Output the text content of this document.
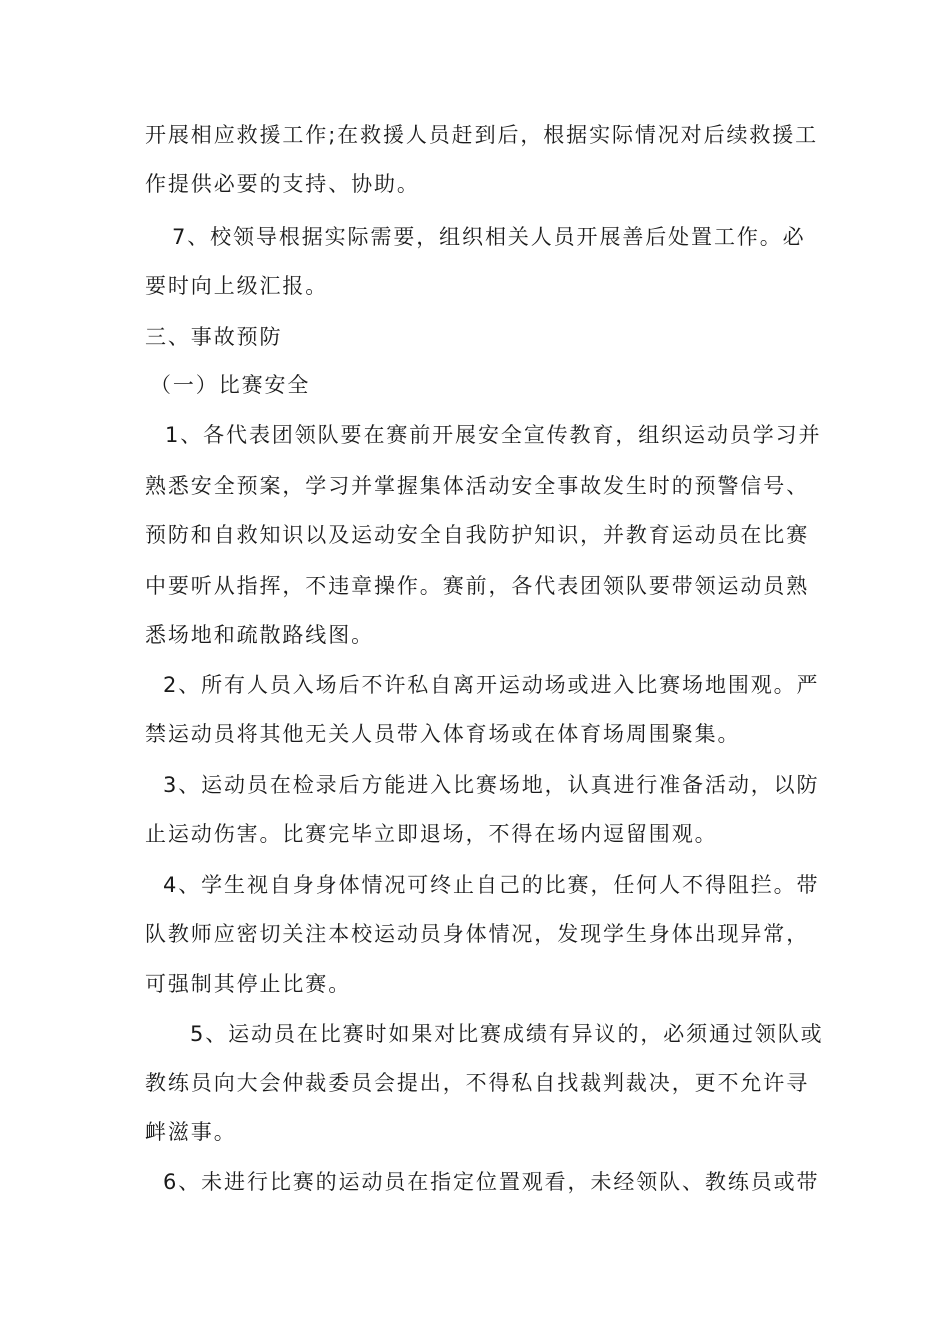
开展相应救援工作;在救援人员赶到后，根据实际情况对后续救援工
作提供必要的支持、协助。
7、校领导根据实际需要，组织相关人员开展善后处置工作。必
要时向上级汇报。
三、事故预防
（一）比赛安全
1、各代表团领队要在赛前开展安全宣传教育，组织运动员学习并
熟悉安全预案，学习并掌握集体活动安全事故发生时的预警信号、
预防和自救知识以及运动安全自我防护知识，并教育运动员在比赛
中要听从指挥，不违章操作。赛前，各代表团领队要带领运动员熟
悉场地和疏散路线图。
2、所有人员入场后不许私自离开运动场或进入比赛场地围观。严
禁运动员将其他无关人员带入体育场或在体育场周围聚集。
3、运动员在检录后方能进入比赛场地，认真进行准备活动，以防
止运动伤害。比赛完毕立即退场，不得在场内逗留围观。
4、学生视自身身体情况可终止自己的比赛，任何人不得阻拦。带
队教师应密切关注本校运动员身体情况，发现学生身体出现异常，
可强制其停止比赛。
5、运动员在比赛时如果对比赛成绩有异议的，必须通过领队或
教练员向大会仲裁委员会提出，不得私自找裁判裁决，更不允许寻
衅滋事。
6、未进行比赛的运动员在指定位置观看，未经领队、教练员或带
